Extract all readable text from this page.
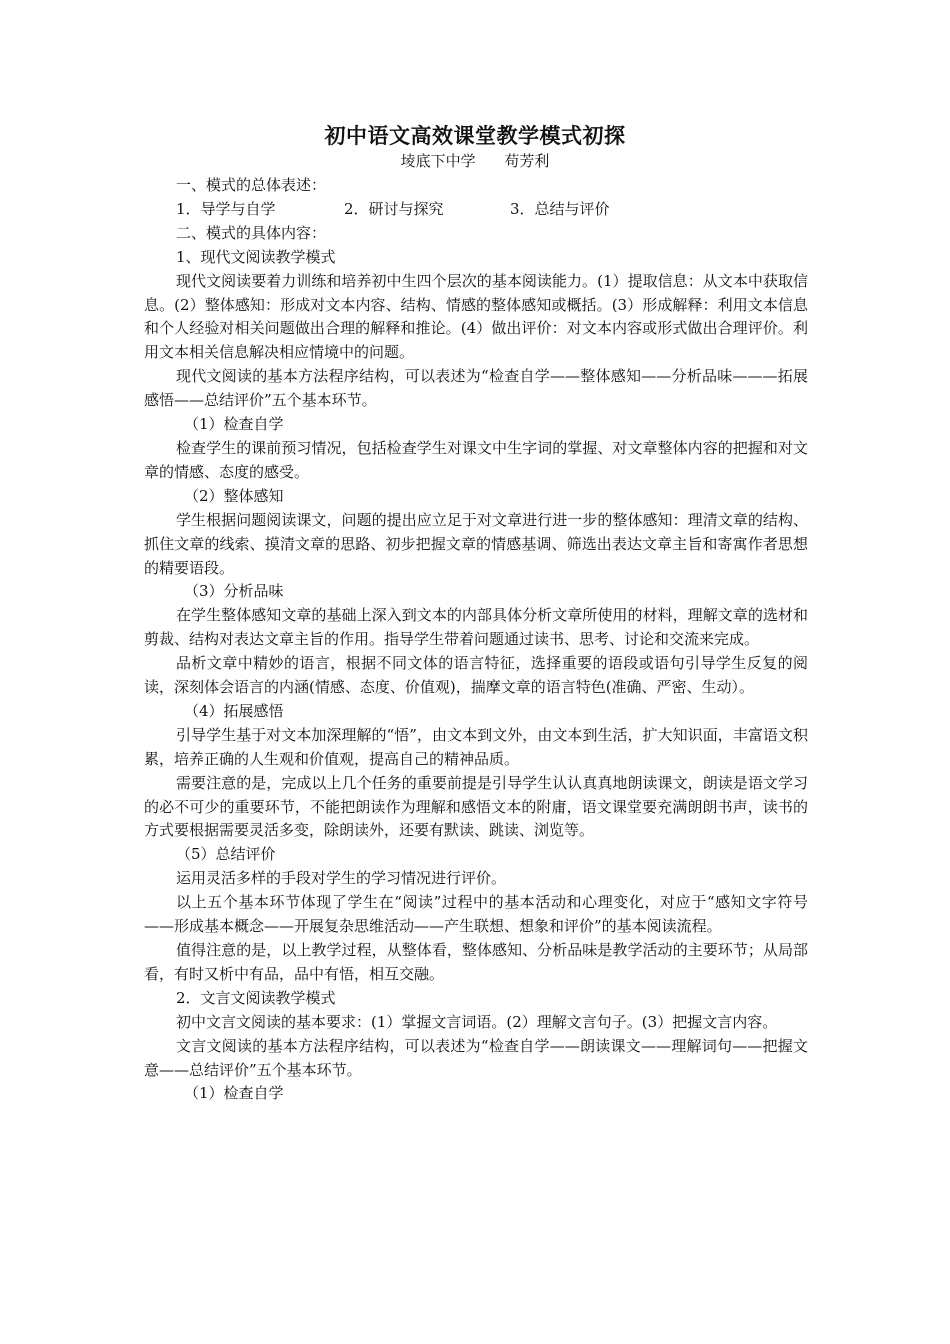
初中语文高效课堂教学模式初探
堎底下中学 苟芳利

一、模式的总体表述：

1．导学与自学	2．研讨与探究	3．总结与评价

二、模式的具体内容：

1、现代文阅读教学模式

现代文阅读要着力训练和培养初中生四个层次的基本阅读能力。(1）提取信息：从文本中获取信息。(2）整体感知：形成对文本内容、结构、情感的整体感知或概括。(3）形成解释：利用文本信息和个人经验对相关问题做出合理的解释和推论。(4）做出评价：对文本内容或形式做出合理评价。利用文本相关信息解决相应情境中的问题。

现代文阅读的基本方法程序结构，可以表述为“检查自学——整体感知——分析品味———拓展感悟——总结评价”五个基本环节。

（1）检查自学

检查学生的课前预习情况，包括检查学生对课文中生字词的掌握、对文章整体内容的把握和对文章的情感、态度的感受。

（2）整体感知

学生根据问题阅读课文，问题的提出应立足于对文章进行进一步的整体感知：理清文章的结构、抓住文章的线索、摸清文章的思路、初步把握文章的情感基调、筛选出表达文章主旨和寄寓作者思想的精要语段。

（3）分析品味

在学生整体感知文章的基础上深入到文本的内部具体分析文章所使用的材料，理解文章的选材和剪裁、结构对表达文章主旨的作用。指导学生带着问题通过读书、思考、讨论和交流来完成。

品析文章中精妙的语言，根据不同文体的语言特征，选择重要的语段或语句引导学生反复的阅读，深刻体会语言的内涵(情感、态度、价值观)，揣摩文章的语言特色(准确、严密、生动）。

（4）拓展感悟

引导学生基于对文本加深理解的“悟”，由文本到文外，由文本到生活，扩大知识面，丰富语文积累，培养正确的人生观和价值观，提高自己的精神品质。

需要注意的是，完成以上几个任务的重要前提是引导学生认认真真地朗读课文，朗读是语文学习的必不可少的重要环节，不能把朗读作为理解和感悟文本的附庸，语文课堂要充满朗朗书声，读书的方式要根据需要灵活多变，除朗读外，还要有默读、跳读、浏览等。

（5）总结评价

运用灵活多样的手段对学生的学习情况进行评价。

以上五个基本环节体现了学生在“阅读”过程中的基本活动和心理变化，对应于“感知文字符号——形成基本概念——开展复杂思维活动——产生联想、想象和评价”的基本阅读流程。

值得注意的是，以上教学过程，从整体看，整体感知、分析品味是教学活动的主要环节；从局部看，有时又析中有品，品中有悟，相互交融。

2．文言文阅读教学模式

初中文言文阅读的基本要求：(1）掌握文言词语。(2）理解文言句子。(3）把握文言内容。

文言文阅读的基本方法程序结构，可以表述为“检查自学——朗读课文——理解词句——把握文意——总结评价”五个基本环节。

（1）检查自学
